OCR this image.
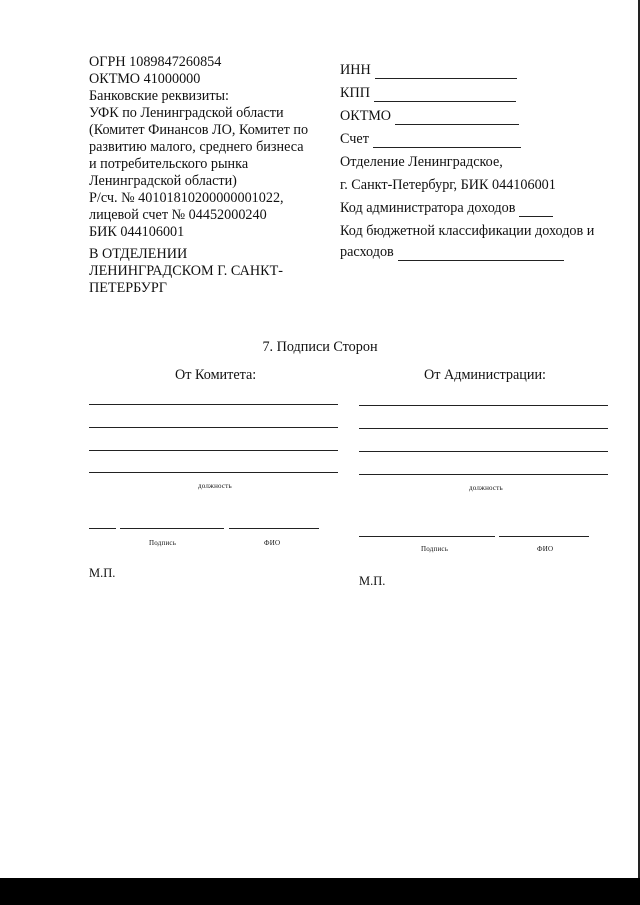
ОГРН 1089847260854
ОКТМО 41000000
Банковские реквизиты:
УФК по Ленинградской области
(Комитет Финансов ЛО, Комитет по
развитию малого, среднего бизнеса
и потребительского рынка
Ленинградской области)
Р/сч. № 40101810200000001022,
лицевой счет № 04452000240
БИК 044106001
В ОТДЕЛЕНИИ
ЛЕНИНГРАДСКОМ Г. САНКТ-
ПЕТЕРБУРГ
ИНН
КПП
ОКТМО
Счет
Отделение Ленинградское,
г. Санкт-Петербург, БИК 044106001
Код администратора доходов
Код бюджетной классификации доходов и
расходов
7. Подписи Сторон
От Комитета:	От Администрации:
должность
Подпись	ФИО
М.П.
должность
Подпись	ФИО
М.П.
